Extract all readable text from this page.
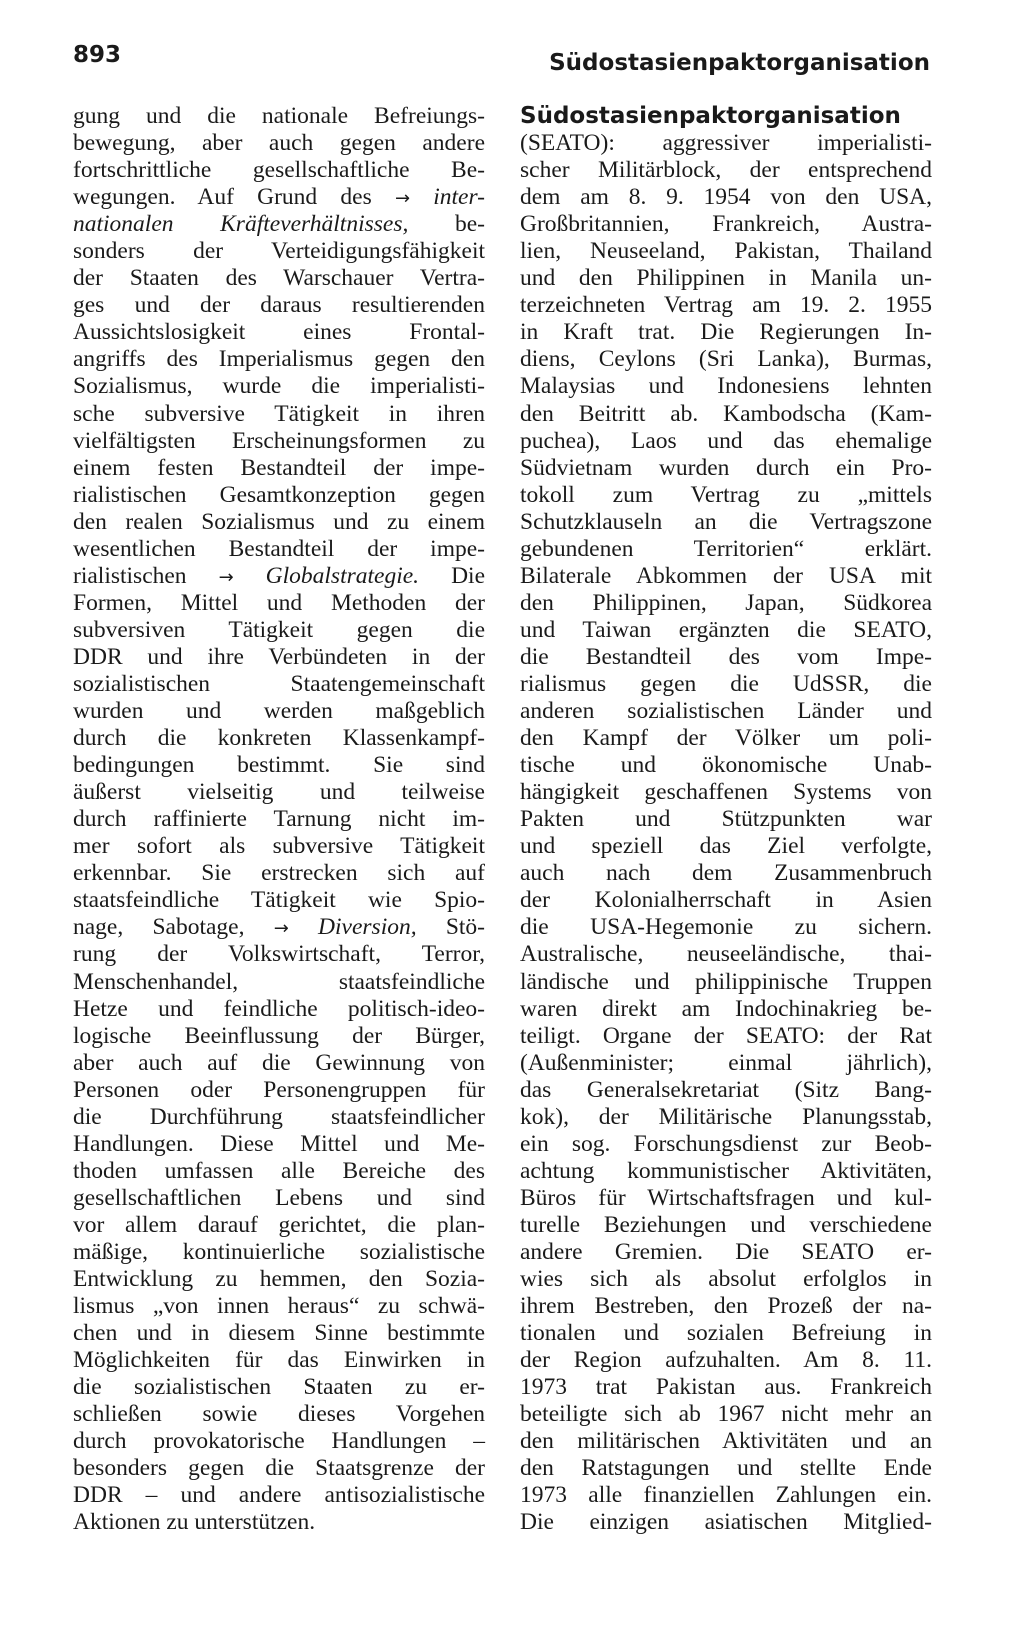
893	Südostasienpaktorganisation
gung und die nationale Befreiungs-
bewegung, aber auch gegen andere
fortschrittliche gesellschaftliche Be-
wegungen. Auf Grund des → inter-
nationalen Kräfteverhältnisses, be-
sonders der Verteidigungsfähigkeit
der Staaten des Warschauer Vertra-
ges und der daraus resultierenden
Aussichtslosigkeit eines Frontal-
angriffs des Imperialismus gegen den
Sozialismus, wurde die imperialisti-
sche subversive Tätigkeit in ihren
vielfältigsten Erscheinungsformen zu
einem festen Bestandteil der impe-
rialistischen Gesamtkonzeption gegen
den realen Sozialismus und zu einem
wesentlichen Bestandteil der impe-
rialistischen → Globalstrategie. Die
Formen, Mittel und Methoden der
subversiven Tätigkeit gegen die
DDR und ihre Verbündeten in der
sozialistischen Staatengemeinschaft
wurden und werden maßgeblich
durch die konkreten Klassenkampf-
bedingungen bestimmt. Sie sind
äußerst vielseitig und teilweise
durch raffinierte Tarnung nicht im-
mer sofort als subversive Tätigkeit
erkennbar. Sie erstrecken sich auf
staatsfeindliche Tätigkeit wie Spio-
nage, Sabotage, → Diversion, Stö-
rung der Volkswirtschaft, Terror,
Menschenhandel, staatsfeindliche
Hetze und feindliche politisch-ideo-
logische Beeinflussung der Bürger,
aber auch auf die Gewinnung von
Personen oder Personengruppen für
die Durchführung staatsfeindlicher
Handlungen. Diese Mittel und Me-
thoden umfassen alle Bereiche des
gesellschaftlichen Lebens und sind
vor allem darauf gerichtet, die plan-
mäßige, kontinuierliche sozialistische
Entwicklung zu hemmen, den Sozia-
lismus „von innen heraus“ zu schwä-
chen und in diesem Sinne bestimmte
Möglichkeiten für das Einwirken in
die sozialistischen Staaten zu er-
schließen sowie dieses Vorgehen
durch provokatorische Handlungen –
besonders gegen die Staatsgrenze der
DDR – und andere antisozialistische
Aktionen zu unterstützen.
Südostasienpaktorganisation
(SEATO): aggressiver imperialisti-
scher Militärblock, der entsprechend
dem am 8. 9. 1954 von den USA,
Großbritannien, Frankreich, Austra-
lien, Neuseeland, Pakistan, Thailand
und den Philippinen in Manila un-
terzeichneten Vertrag am 19. 2. 1955
in Kraft trat. Die Regierungen In-
diens, Ceylons (Sri Lanka), Burmas,
Malaysias und Indonesiens lehnten
den Beitritt ab. Kambodscha (Kam-
puchea), Laos und das ehemalige
Südvietnam wurden durch ein Pro-
tokoll zum Vertrag zu „mittels
Schutzklauseln an die Vertragszone
gebundenen Territorien“ erklärt.
Bilaterale Abkommen der USA mit
den Philippinen, Japan, Südkorea
und Taiwan ergänzten die SEATO,
die Bestandteil des vom Impe-
rialismus gegen die UdSSR, die
anderen sozialistischen Länder und
den Kampf der Völker um poli-
tische und ökonomische Unab-
hängigkeit geschaffenen Systems von
Pakten und Stützpunkten war
und speziell das Ziel verfolgte,
auch nach dem Zusammenbruch
der Kolonialherrschaft in Asien
die USA-Hegemonie zu sichern.
Australische, neuseeländische, thai-
ländische und philippinische Truppen
waren direkt am Indochinakrieg be-
teiligt. Organe der SEATO: der Rat
(Außenminister; einmal jährlich),
das Generalsekretariat (Sitz Bang-
kok), der Militärische Planungsstab,
ein sog. Forschungsdienst zur Beob-
achtung kommunistischer Aktivitäten,
Büros für Wirtschaftsfragen und kul-
turelle Beziehungen und verschiedene
andere Gremien. Die SEATO er-
wies sich als absolut erfolglos in
ihrem Bestreben, den Prozeß der na-
tionalen und sozialen Befreiung in
der Region aufzuhalten. Am 8. 11.
1973 trat Pakistan aus. Frankreich
beteiligte sich ab 1967 nicht mehr an
den militärischen Aktivitäten und an
den Ratstagungen und stellte Ende
1973 alle finanziellen Zahlungen ein.
Die einzigen asiatischen Mitglied-
